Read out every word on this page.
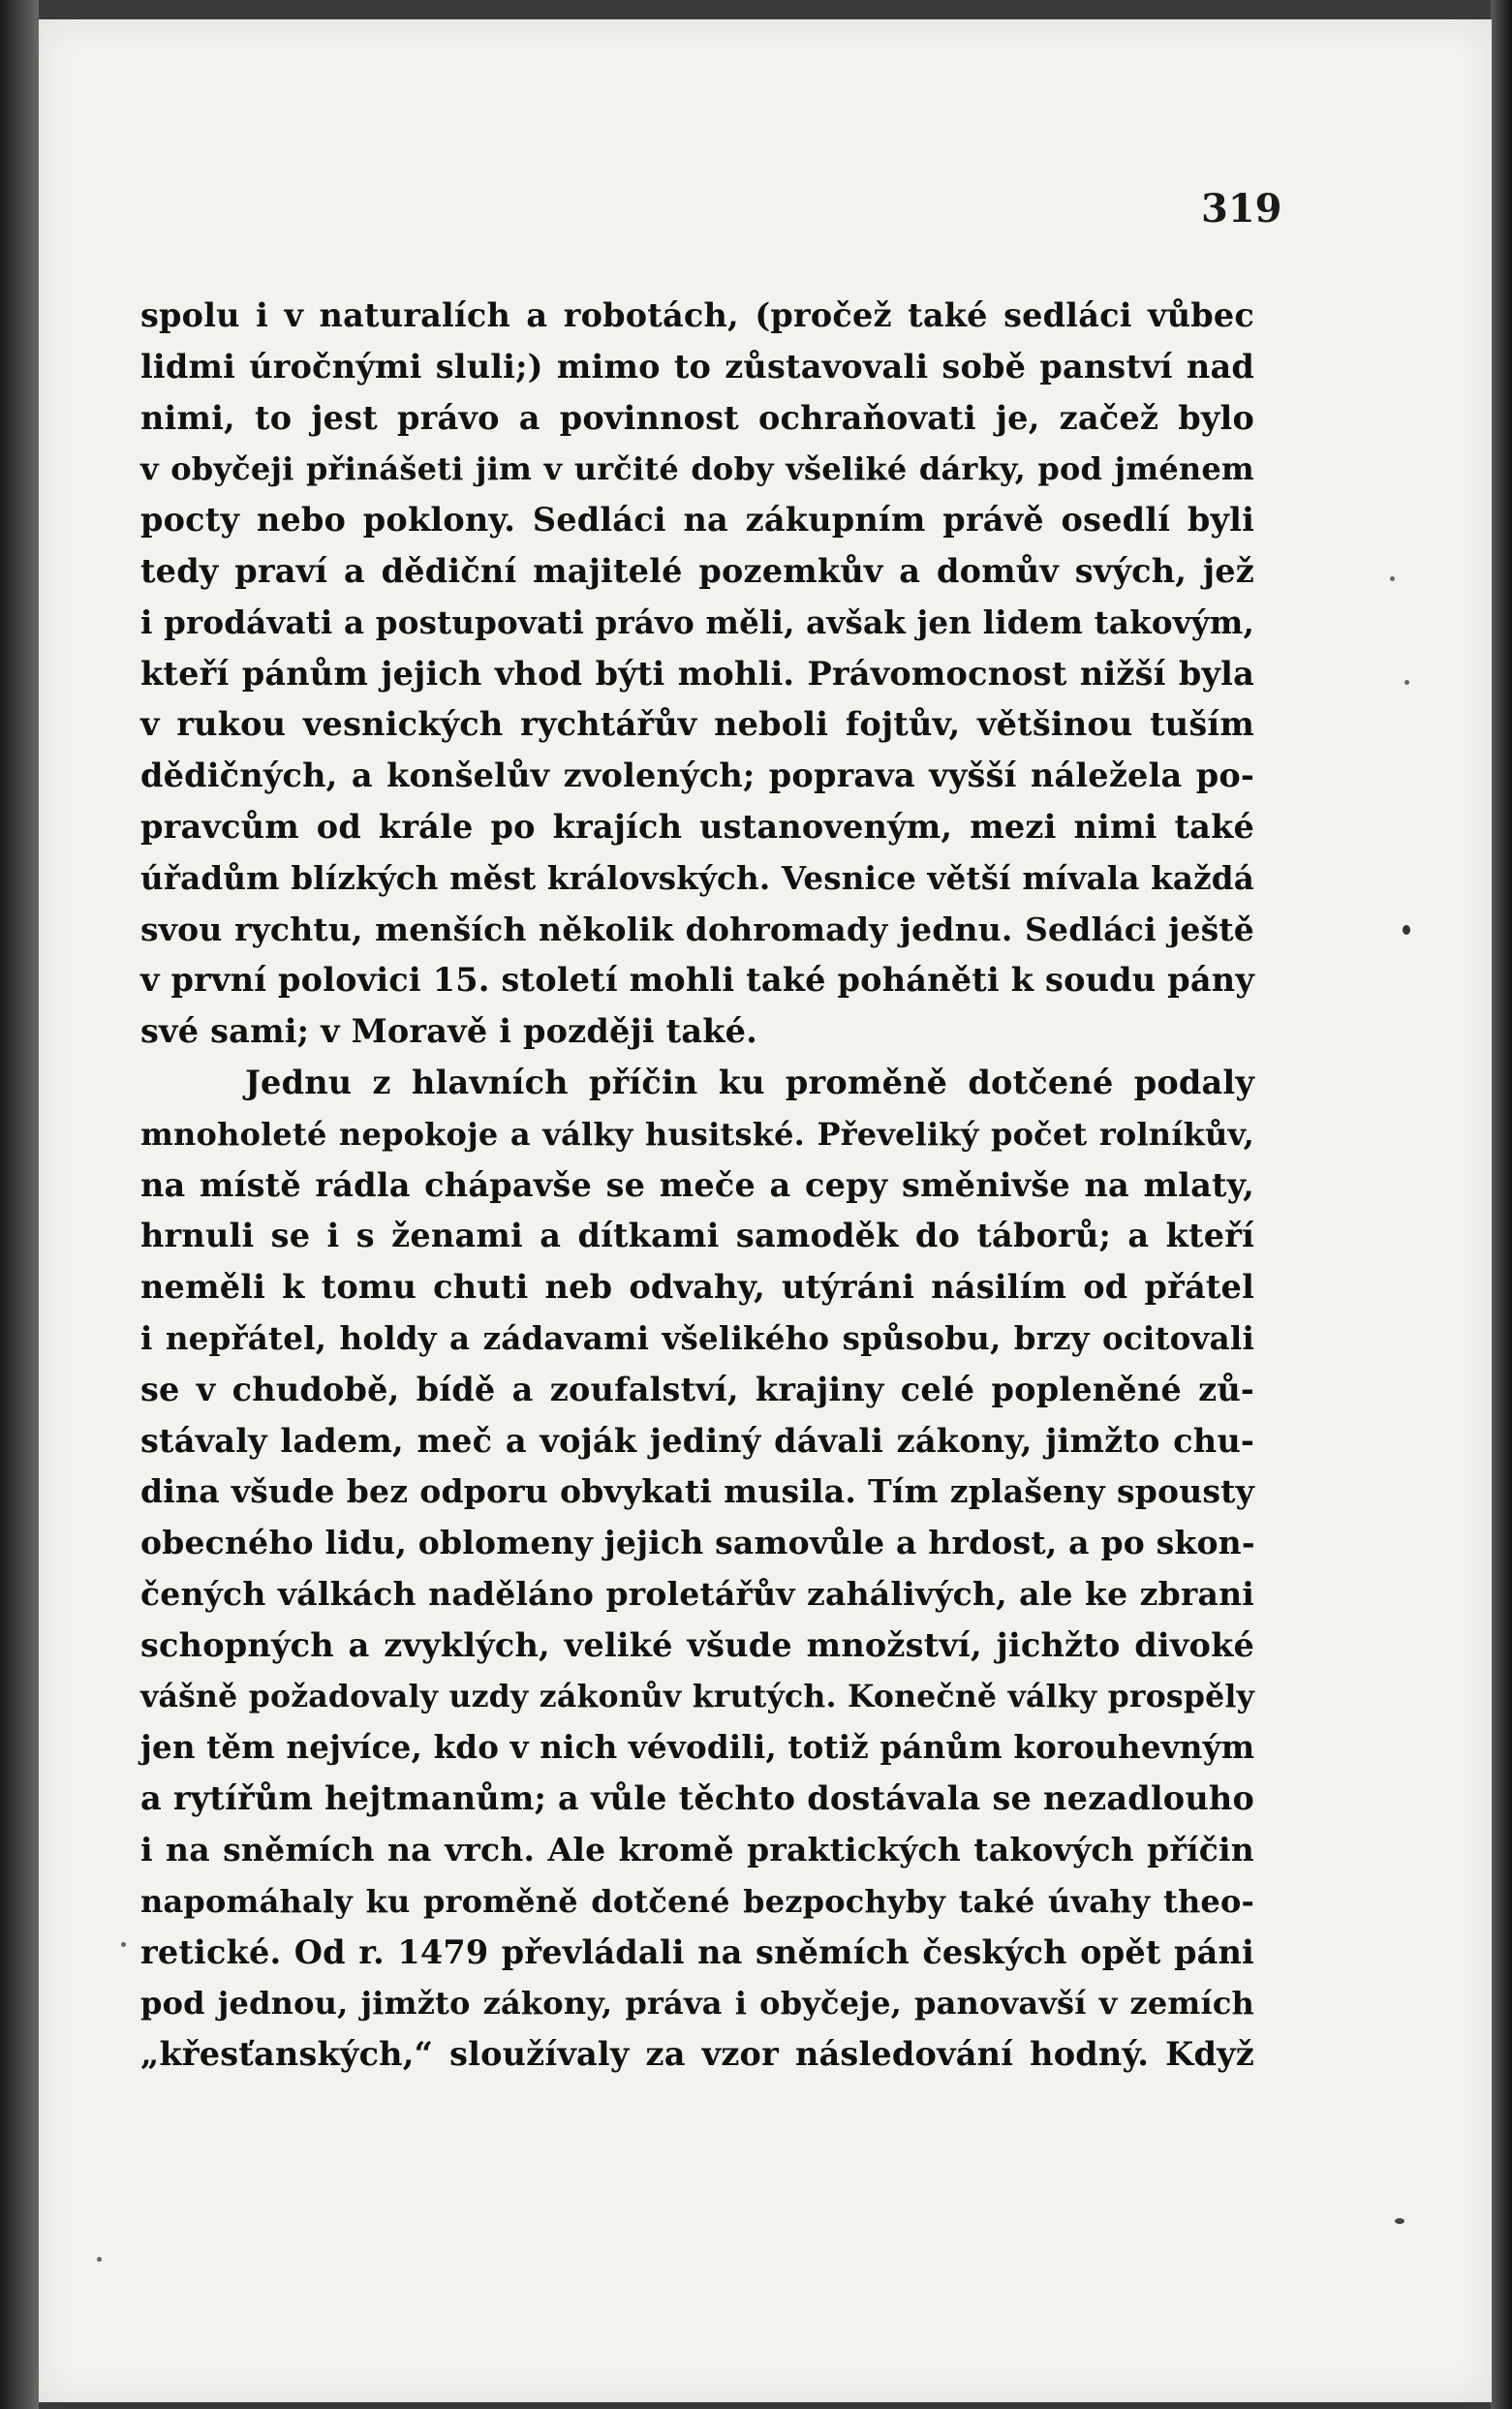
319
spolu i v naturalích a robotách, (pročež také sedláci vůbec
lidmi úročnými sluli;) mimo to zůstavovali sobě panství nad
nimi, to jest právo a povinnost ochraňovati je, začež bylo
v obyčeji přinášeti jim v určité doby všeliké dárky, pod jménem
pocty nebo poklony. Sedláci na zákupním právě osedlí byli
tedy praví a dědiční majitelé pozemkův a domův svých, jež
i prodávati a postupovati právo měli, avšak jen lidem takovým,
kteří pánům jejich vhod býti mohli. Právomocnost nižší byla
v rukou vesnických rychtářův neboli fojtův, většinou tuším
dědičných, a konšelův zvolených; poprava vyšší náležela po-
pravcům od krále po krajích ustanoveným, mezi nimi také
úřadům blízkých měst královských. Vesnice větší mívala každá
svou rychtu, menších několik dohromady jednu. Sedláci ještě
v první polovici 15. století mohli také poháněti k soudu pány
své sami; v Moravě i později také.
Jednu z hlavních příčin ku proměně dotčené podaly
mnoholeté nepokoje a války husitské. Převeliký počet rolníkův,
na místě rádla chápavše se meče a cepy směnivše na mlaty,
hrnuli se i s ženami a dítkami samoděk do táborů; a kteří
neměli k tomu chuti neb odvahy, utýráni násilím od přátel
i nepřátel, holdy a zádavami všelikého spůsobu, brzy ocitovali
se v chudobě, bídě a zoufalství, krajiny celé popleněné zů-
stávaly ladem, meč a voják jediný dávali zákony, jimžto chu-
dina všude bez odporu obvykati musila. Tím zplašeny spousty
obecného lidu, oblomeny jejich samovůle a hrdost, a po skon-
čených válkách naděláno proletářův zahálivých, ale ke zbrani
schopných a zvyklých, veliké všude množství, jichžto divoké
vášně požadovaly uzdy zákonův krutých. Konečně války prospěly
jen těm nejvíce, kdo v nich vévodili, totiž pánům korouhevným
a rytířům hejtmanům; a vůle těchto dostávala se nezadlouho
i na sněmích na vrch. Ale kromě praktických takových příčin
napomáhaly ku proměně dotčené bezpochyby také úvahy theo-
retické. Od r. 1479 převládali na sněmích českých opět páni
pod jednou, jimžto zákony, práva i obyčeje, panovavší v zemích
„křesťanských,“ sloužívaly za vzor následování hodný. Když
